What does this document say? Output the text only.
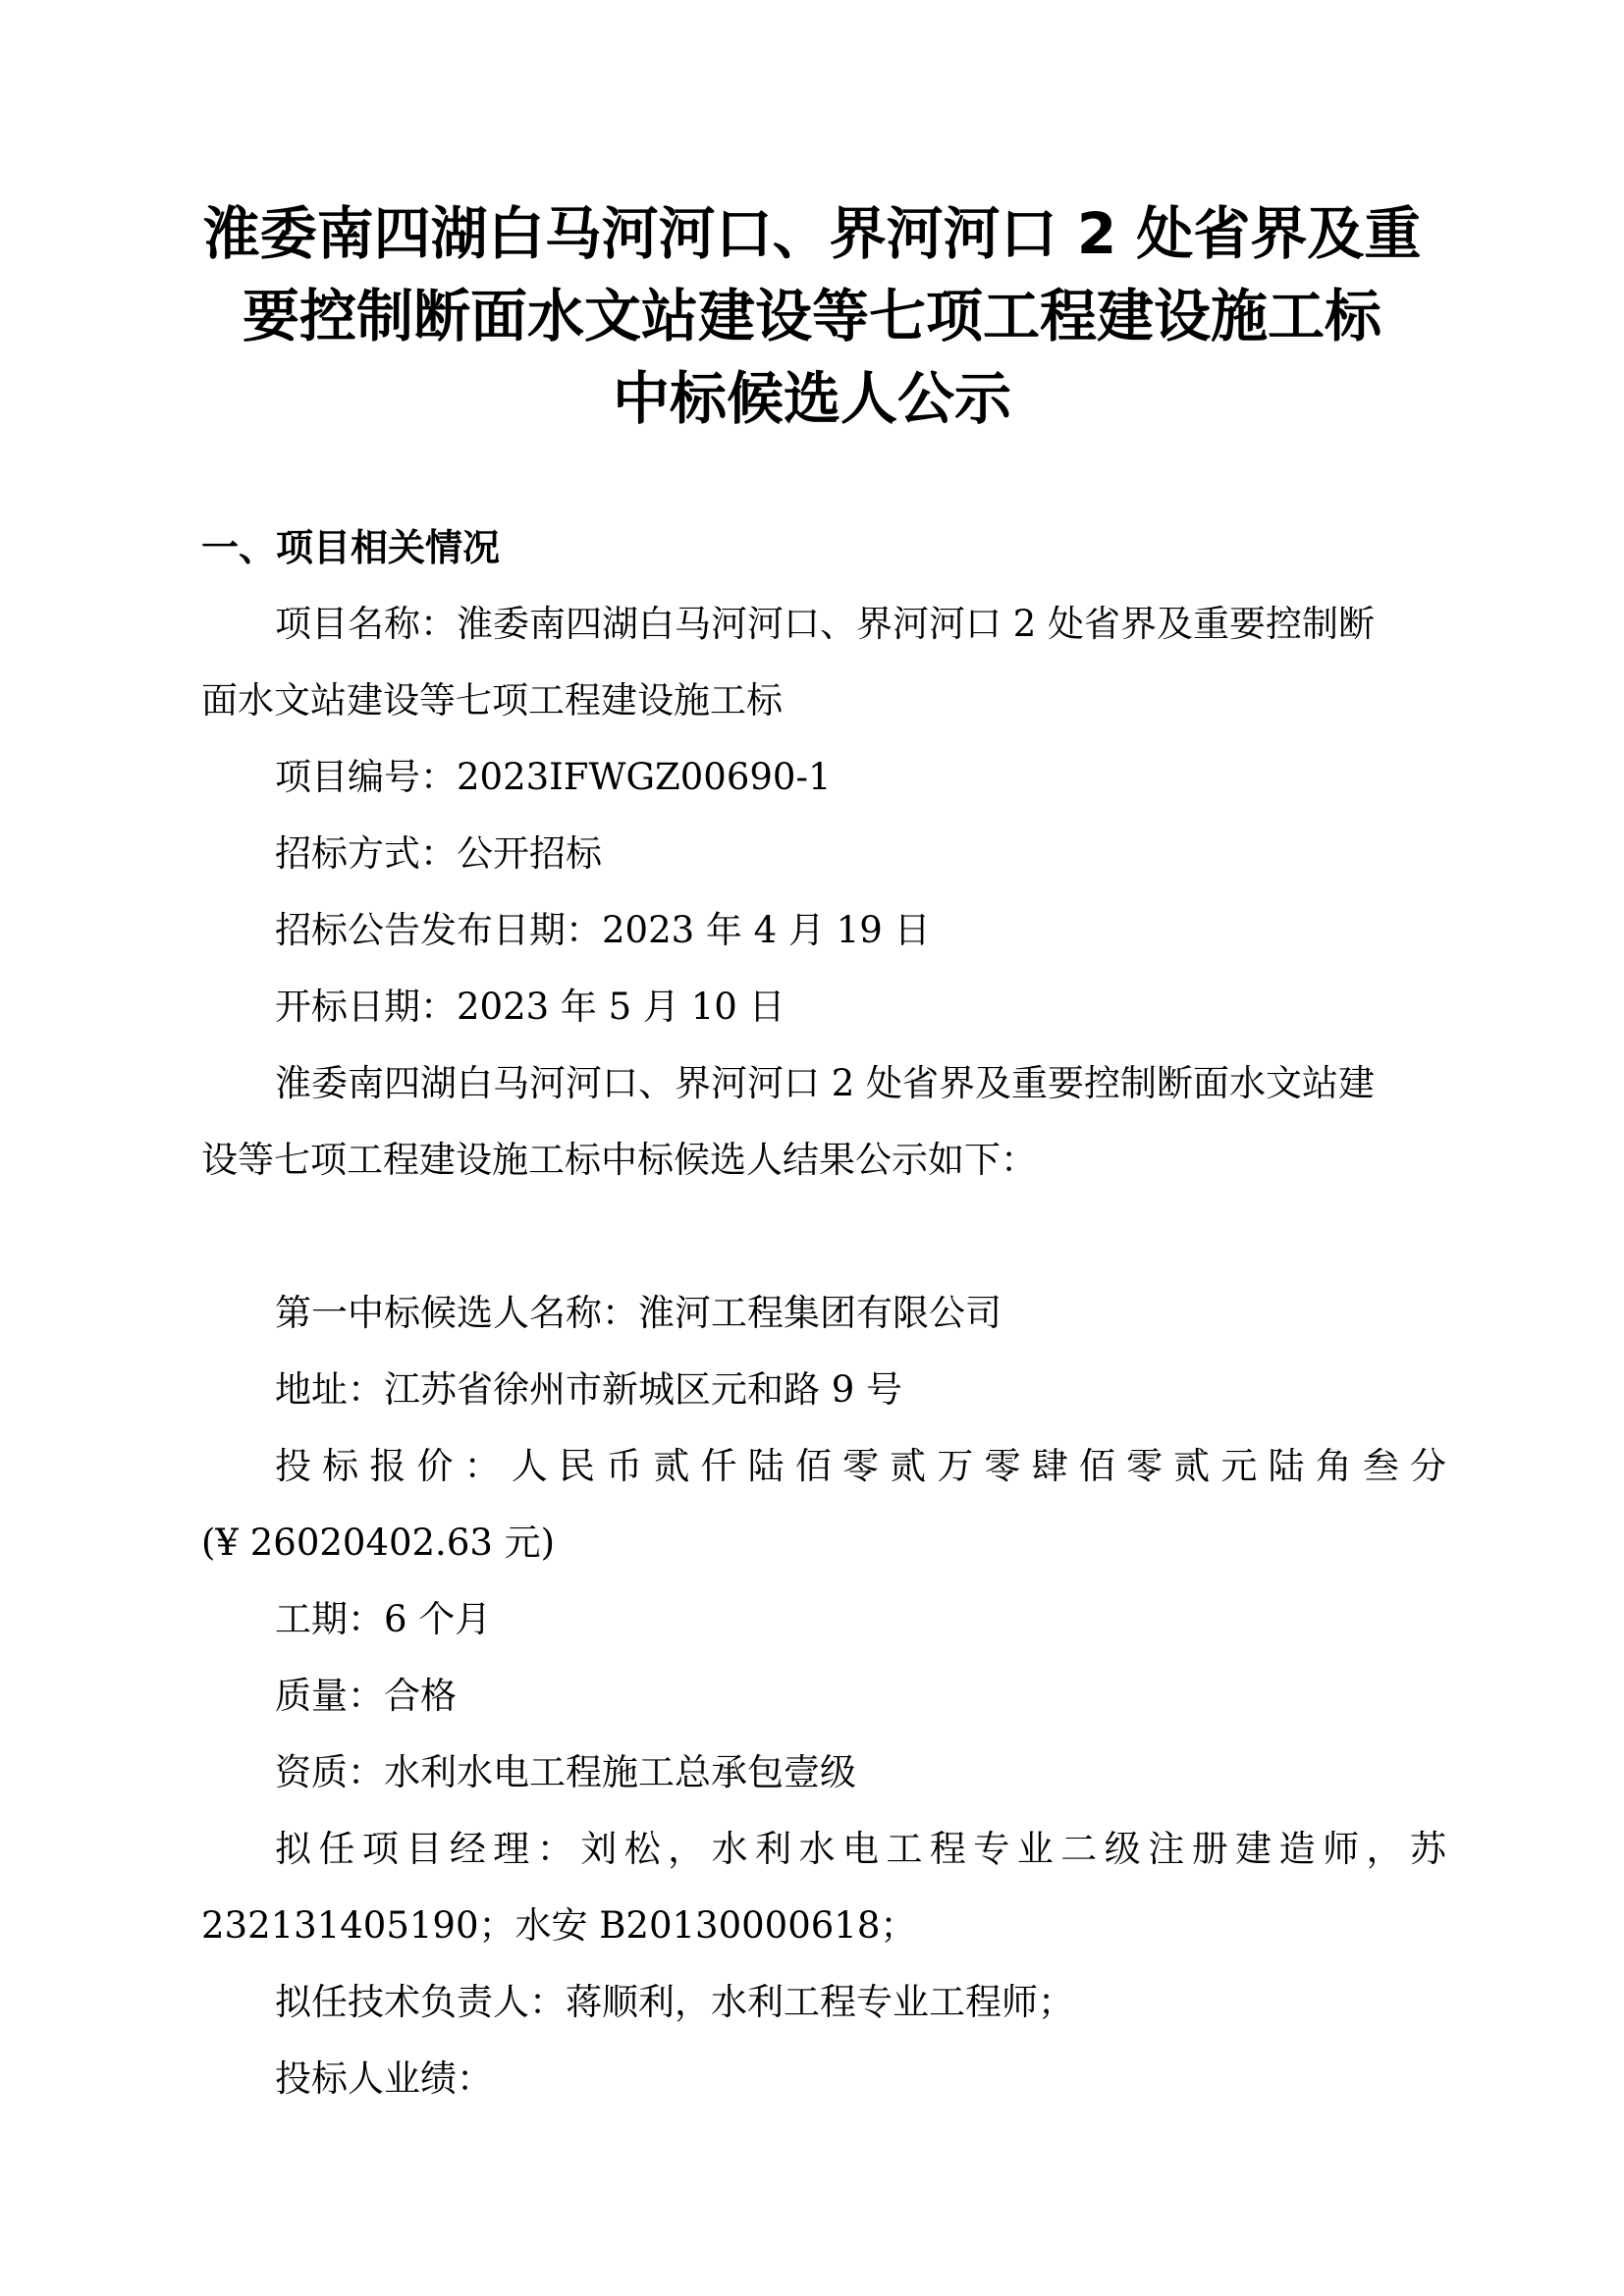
淮委南四湖白马河河口、界河河口 2 处省界及重
要控制断面水文站建设等七项工程建设施工标
中标候选人公示
一、项目相关情况
项目名称：淮委南四湖白马河河口、界河河口 2 处省界及重要控制断
面水文站建设等七项工程建设施工标
项目编号：2023IFWGZ00690-1
招标方式：公开招标
招标公告发布日期：2023 年 4 月 19 日
开标日期：2023 年 5 月 10 日
淮委南四湖白马河河口、界河河口 2 处省界及重要控制断面水文站建
设等七项工程建设施工标中标候选人结果公示如下：
第一中标候选人名称：淮河工程集团有限公司
地址：江苏省徐州市新城区元和路 9 号
投标报价：人民币贰仟陆佰零贰万零肆佰零贰元陆角叁分
(¥ 26020402.63 元)
工期：6 个月
质量：合格
资质：水利水电工程施工总承包壹级
拟任项目经理：刘松，水利水电工程专业二级注册建造师，苏
232131405190；水安 B20130000618；
拟任技术负责人：蒋顺利，水利工程专业工程师；
投标人业绩：
